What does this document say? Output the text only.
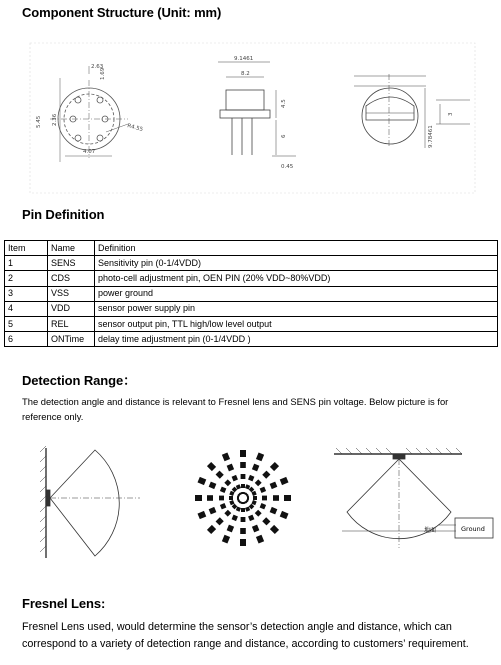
Component Structure (Unit: mm)
2.63
1.69
5.45 2.36
R4.55
4.07
9.1461
8.2
4.5
6
0.45
3
9.78461
Pin Definition
Item	Name	Definition
1	SENS	Sensitivity pin (0-1/4VDD)
2	CDS	photo-cell adjustment pin, OEN PIN (20% VDD~80%VDD)
3	VSS	power ground
4	VDD	sensor power supply pin
5	REL	sensor output pin, TTL high/low level output
6	ONTime	delay time adjustment pin (0-1/4VDD )
Detection Range：
The detection angle and distance is relevant to Fresnel lens and SENS pin voltage. Below picture is for reference only.
地面	Ground
Fresnel Lens:
Fresnel Lens used, would determine the sensor’s detection angle and distance, which can correspond to a variety of detection range and distance, according to customers’ requirement.
